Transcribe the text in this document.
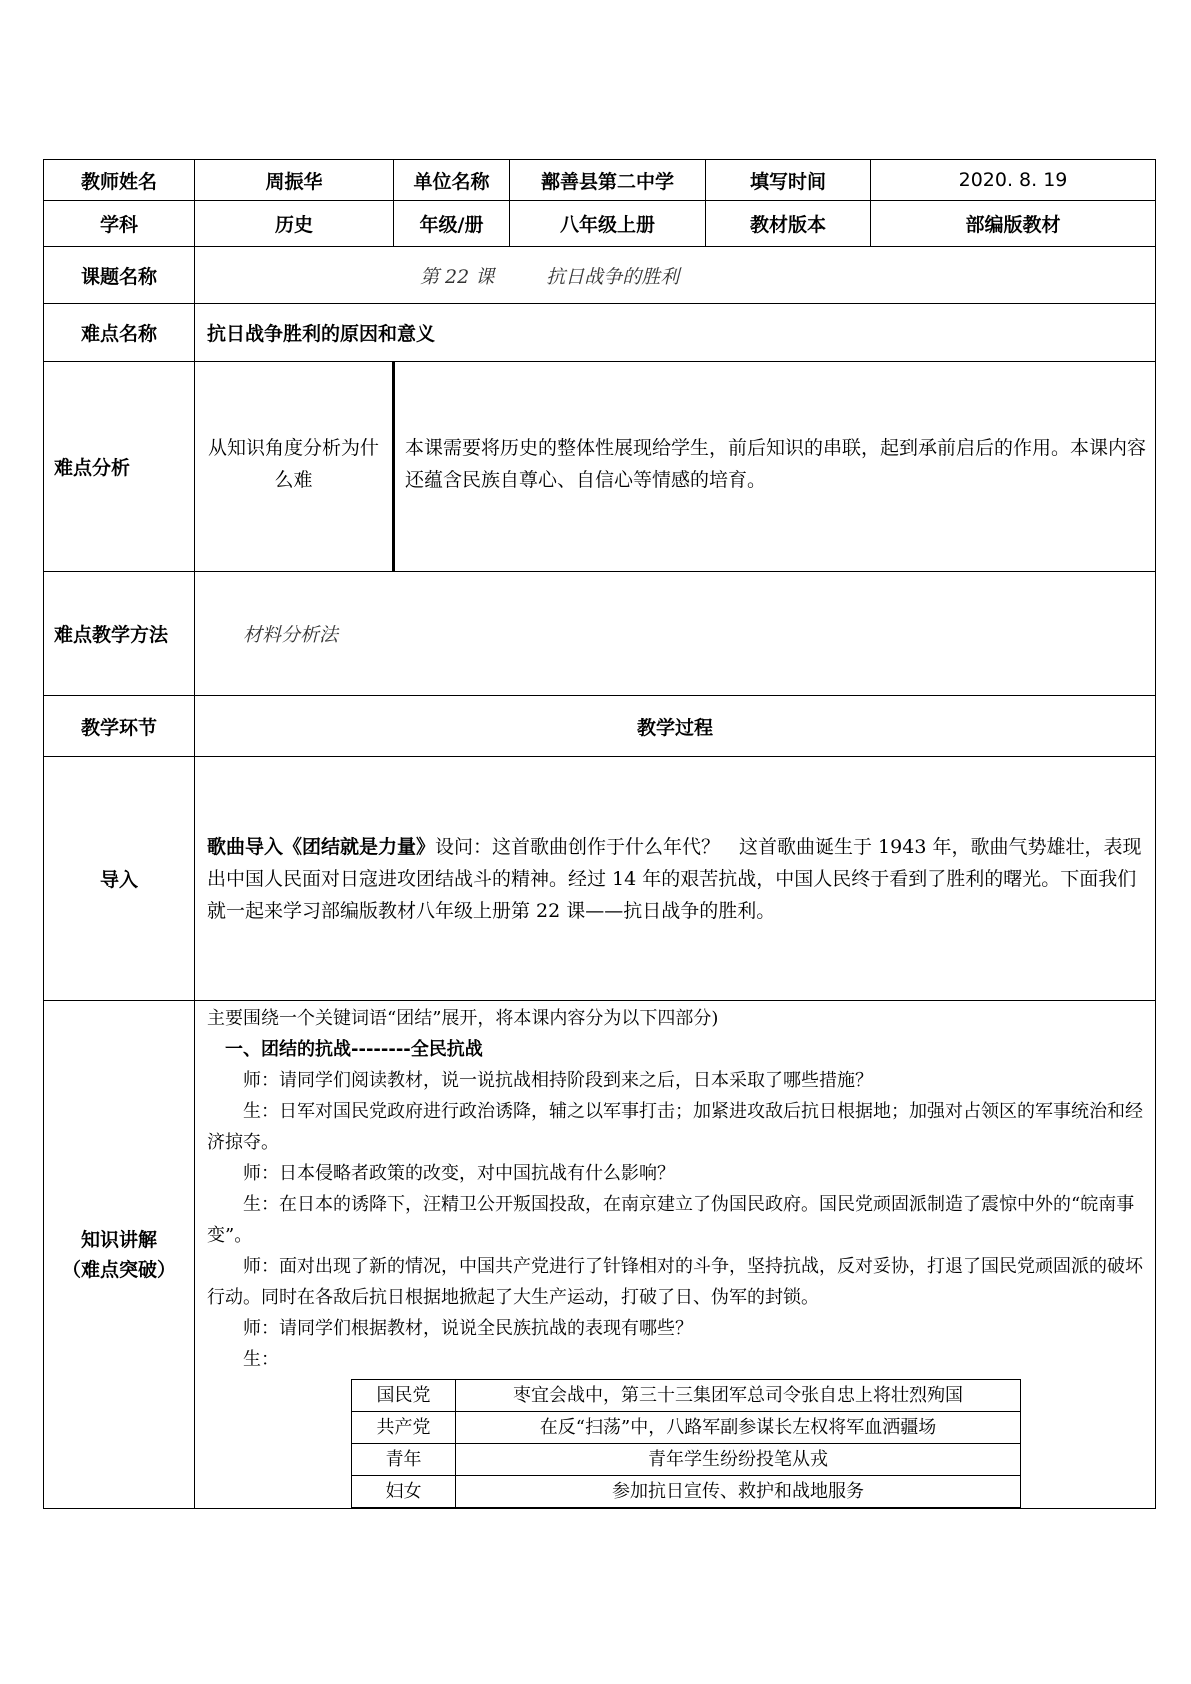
教师姓名	周振华	单位名称	鄯善县第二中学	填写时间	2020. 8. 19
学科	历史	年级/册	八年级上册	教材版本	部编版教材
课题名称	第 22 课	抗日战争的胜利
难点名称	抗日战争胜利的原因和意义
难点分析	从知识角度分析为什么难	本课需要将历史的整体性展现给学生，前后知识的串联，起到承前启后的作用。本课内容还蕴含民族自尊心、自信心等情感的培育。
难点教学方法	材料分析法
教学环节	教学过程
导入	歌曲导入《团结就是力量》设问：这首歌曲创作于什么年代？　这首歌曲诞生于 1943 年，歌曲气势雄壮，表现出中国人民面对日寇进攻团结战斗的精神。经过 14 年的艰苦抗战，中国人民终于看到了胜利的曙光。下面我们就一起来学习部编版教材八年级上册第 22 课——抗日战争的胜利。

知识讲解
（难点突破）

主要围绕一个关键词语“团结”展开，将本课内容分为以下四部分)

一、团结的抗战--------全民抗战

师：请同学们阅读教材，说一说抗战相持阶段到来之后，日本采取了哪些措施？

生：日军对国民党政府进行政治诱降，辅之以军事打击；加紧进攻敌后抗日根据地；加强对占领区的军事统治和经济掠夺。

师：日本侵略者政策的改变，对中国抗战有什么影响？

生：在日本的诱降下，汪精卫公开叛国投敌，在南京建立了伪国民政府。国民党顽固派制造了震惊中外的“皖南事变”。

师：面对出现了新的情况，中国共产党进行了针锋相对的斗争，坚持抗战，反对妥协，打退了国民党顽固派的破坏行动。同时在各敌后抗日根据地掀起了大生产运动，打破了日、伪军的封锁。

师：请同学们根据教材，说说全民族抗战的表现有哪些？

生：

国民党	枣宜会战中，第三十三集团军总司令张自忠上将壮烈殉国
共产党	在反“扫荡”中，八路军副参谋长左权将军血洒疆场
青年	青年学生纷纷投笔从戎
妇女	参加抗日宣传、救护和战地服务
